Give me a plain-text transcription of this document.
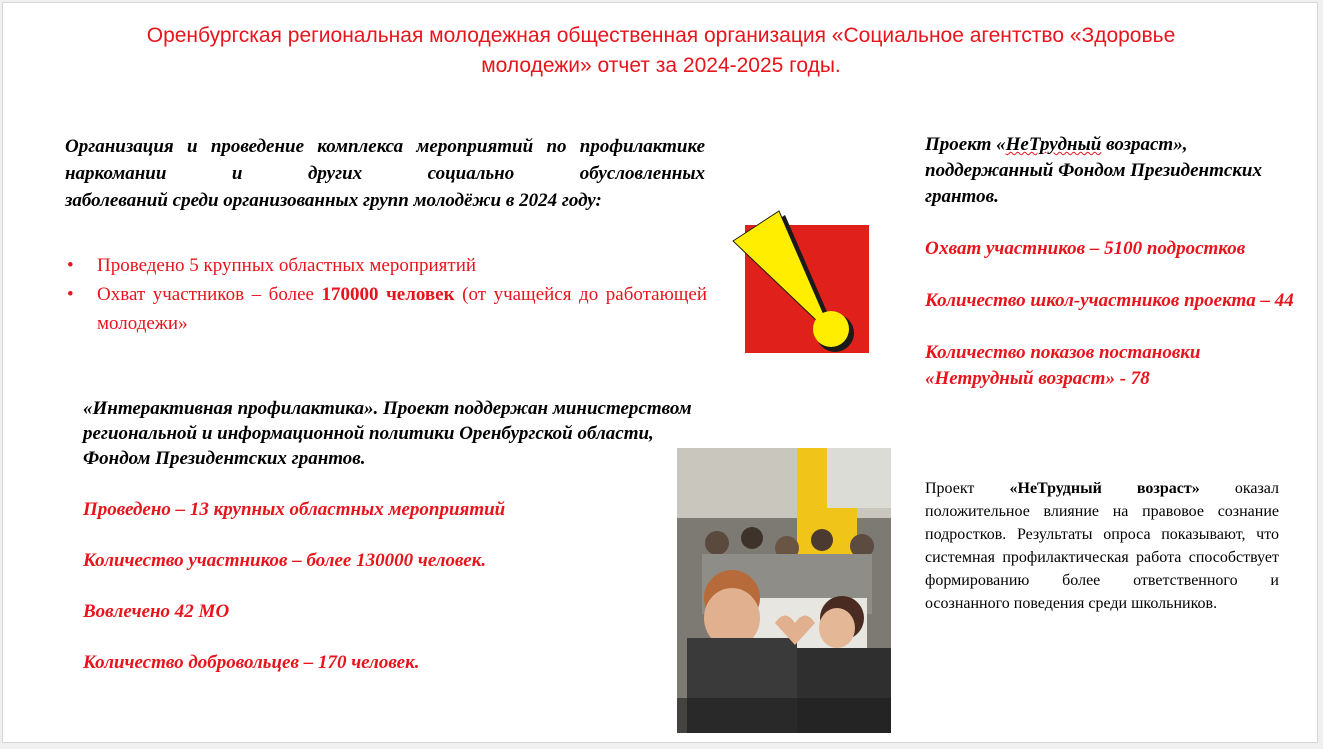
Оренбургская региональная молодежная общественная организация «Социальное агентство «Здоровье
молодежи» отчет за 2024-2025 годы.
Организация и проведение комплекса мероприятий по профилактике наркомании и других социально обусловленных
заболеваний среди организованных групп молодёжи в 2024 году:
• Проведено 5 крупных областных мероприятий
• Охват участников – более 170000 человек (от учащейся до работающей молодежи»
«Интерактивная профилактика». Проект поддержан министерством региональной и информационной политики Оренбургской области, Фондом Президентских грантов.
Проведено – 13 крупных областных мероприятий
Количество участников – более 130000 человек.
Вовлечено 42 МО
Количество добровольцев – 170 человек.
Проект «НеТрудный возраст», поддержанный Фондом Президентских грантов.
Охват участников – 5100 подростков
Количество школ-участников проекта – 44
Количество показов постановки «Нетрудный возраст» - 78
Проект «НеТрудный возраст» оказал положительное влияние на правовое сознание подростков. Результаты опроса показывают, что системная профилактическая работа способствует формированию более ответственного и осознанного поведения среди школьников.
